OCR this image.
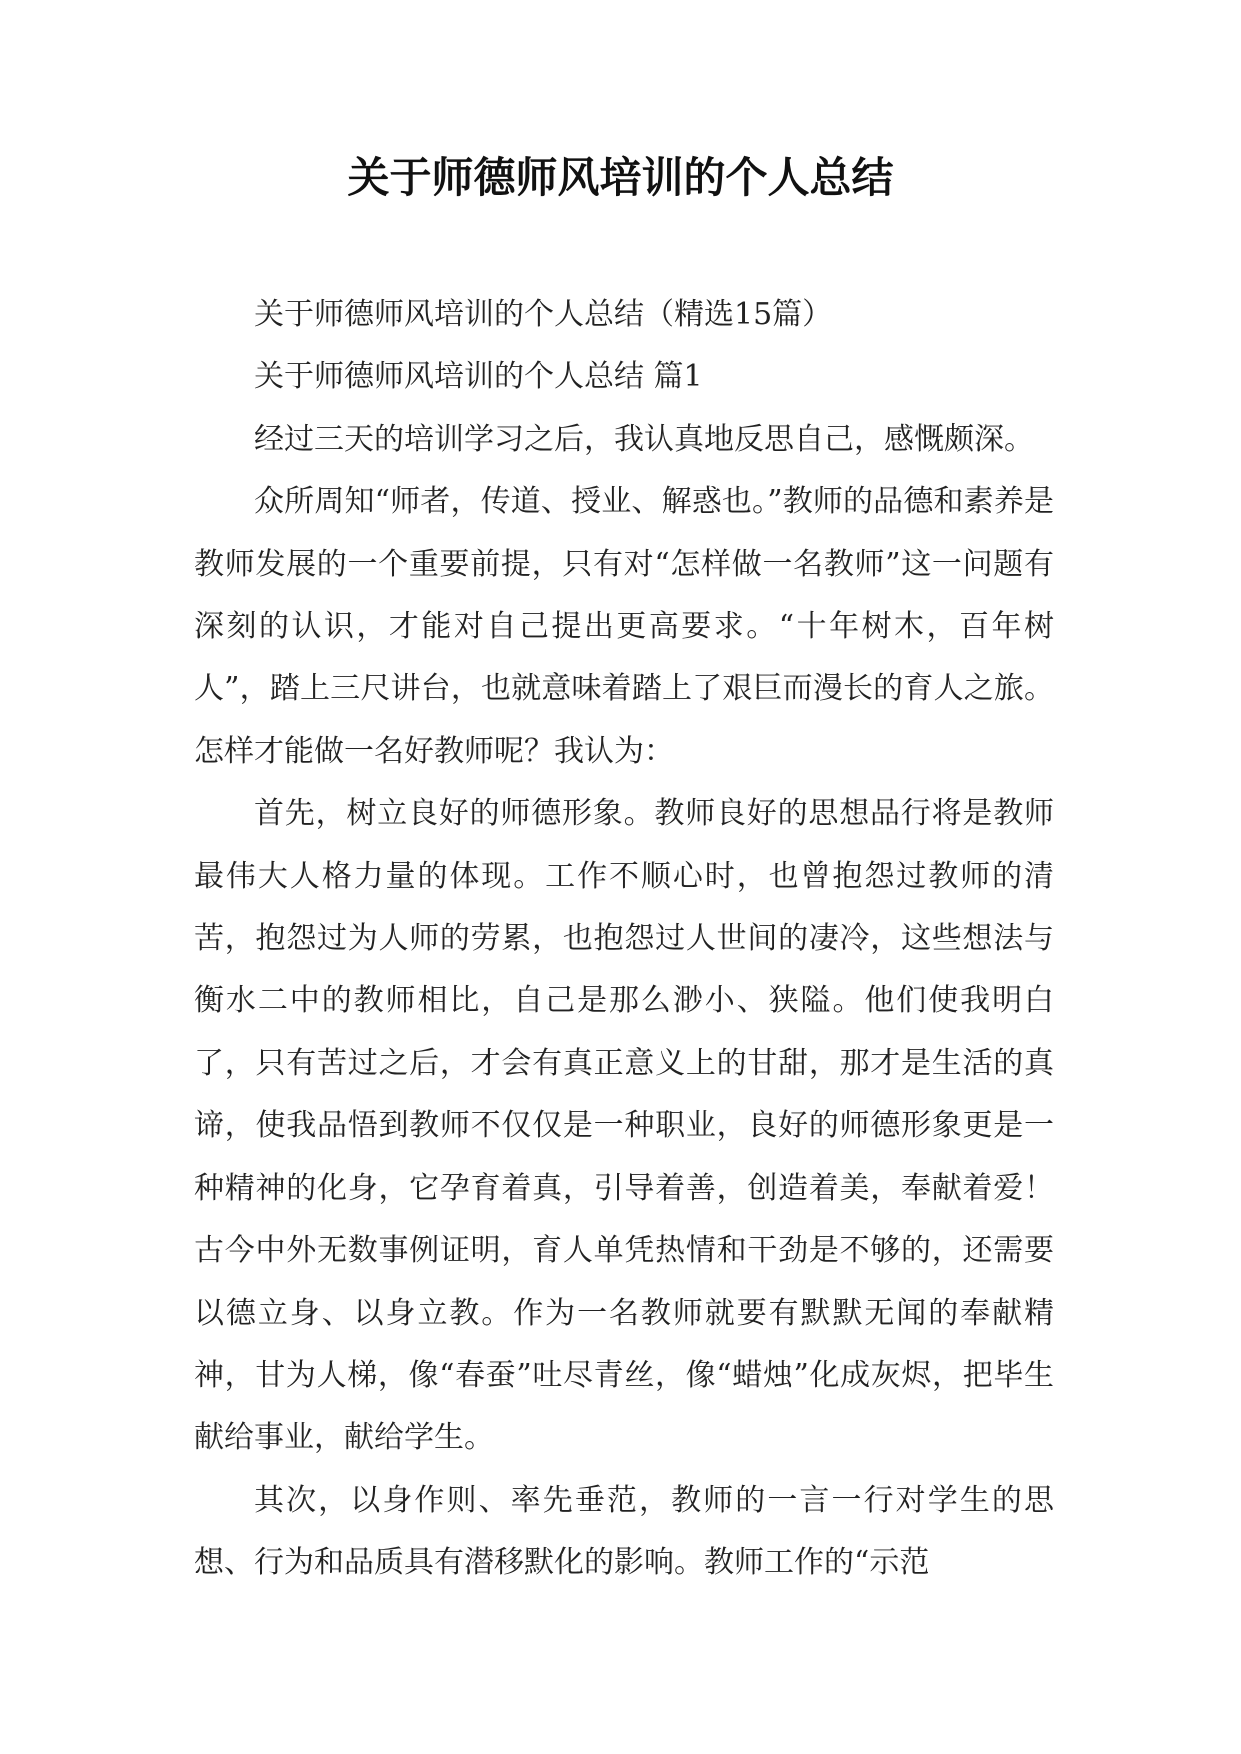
关于师德师风培训的个人总结

关于师德师风培训的个人总结（精选15篇）

关于师德师风培训的个人总结 篇1

经过三天的培训学习之后，我认真地反思自己，感慨颇深。

众所周知“师者，传道、授业、解惑也。”教师的品德和素养是教师发展的一个重要前提，只有对“怎样做一名教师”这一问题有深刻的认识，才能对自己提出更高要求。“十年树木，百年树人”，踏上三尺讲台，也就意味着踏上了艰巨而漫长的育人之旅。怎样才能做一名好教师呢？我认为：

首先，树立良好的师德形象。教师良好的思想品行将是教师最伟大人格力量的体现。工作不顺心时，也曾抱怨过教师的清苦，抱怨过为人师的劳累，也抱怨过人世间的凄冷，这些想法与衡水二中的教师相比，自己是那么渺小、狭隘。他们使我明白了，只有苦过之后，才会有真正意义上的甘甜，那才是生活的真谛，使我品悟到教师不仅仅是一种职业，良好的师德形象更是一种精神的化身，它孕育着真，引导着善，创造着美，奉献着爱！古今中外无数事例证明，育人单凭热情和干劲是不够的，还需要以德立身、以身立教。作为一名教师就要有默默无闻的奉献精神，甘为人梯，像“春蚕”吐尽青丝，像“蜡烛”化成灰烬，把毕生献给事业，献给学生。

其次，以身作则、率先垂范，教师的一言一行对学生的思想、行为和品质具有潜移默化的影响。教师工作的“示范
